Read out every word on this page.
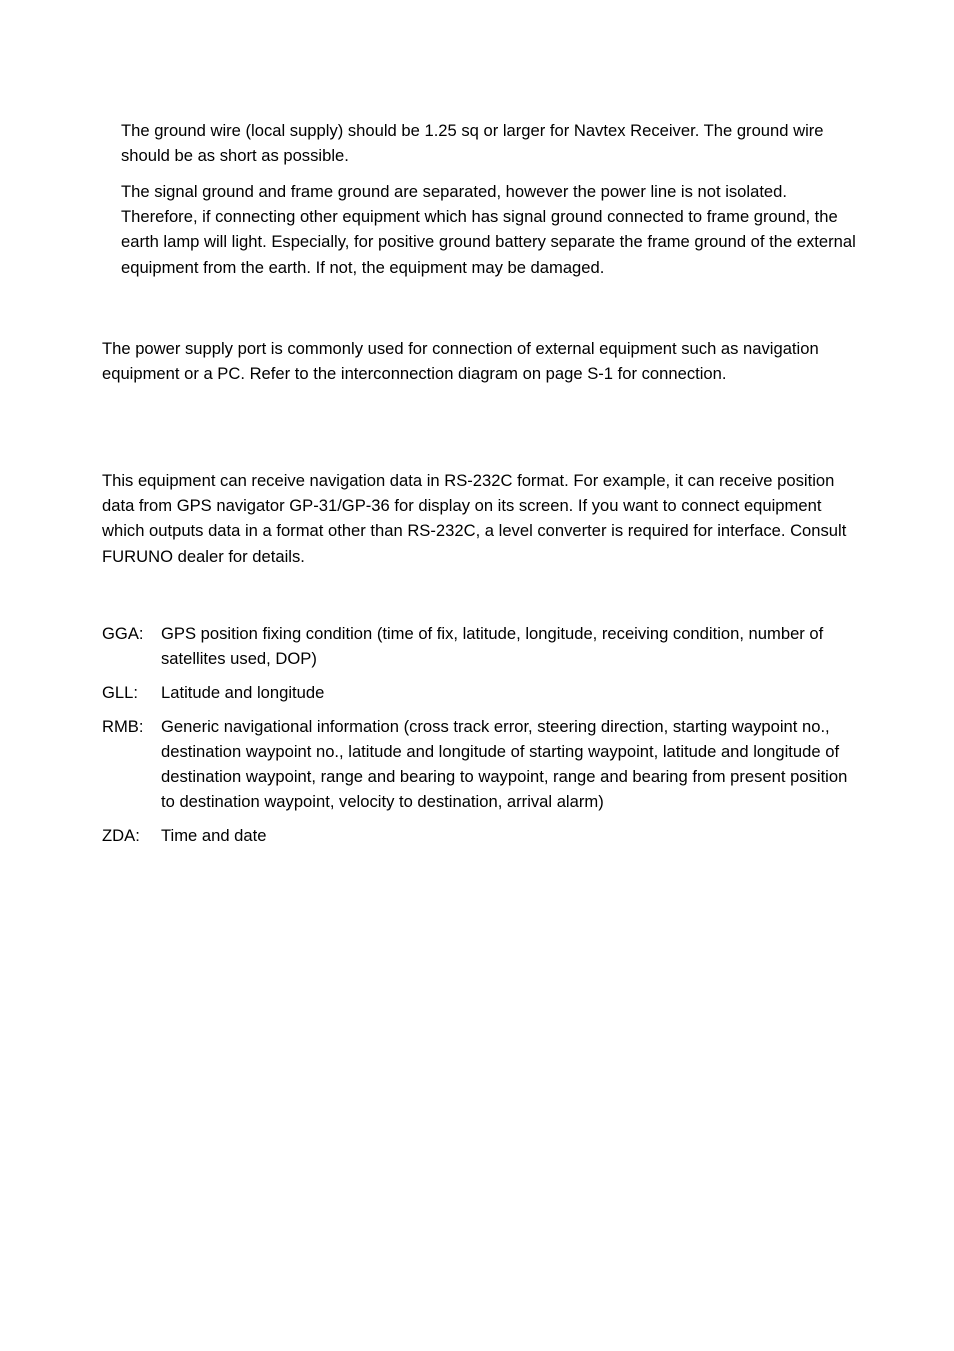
The ground wire (local supply) should be 1.25 sq or larger for Navtex Receiver. The ground wire should be as short as possible.

The signal ground and frame ground are separated, however the power line is not isolated. Therefore, if connecting other equipment which has signal ground connected to frame ground, the earth lamp will light. Especially, for positive ground battery separate the frame ground of the external equipment from the earth. If not, the equipment may be damaged.

The power supply port is commonly used for connection of external equipment such as navigation equipment or a PC. Refer to the interconnection diagram on page S-1 for connection.

This equipment can receive navigation data in RS-232C format. For example, it can receive position data from GPS navigator GP-31/GP-36 for display on its screen. If you want to connect equipment which outputs data in a format other than RS-232C, a level converter is required for interface. Consult FURUNO dealer for details.

GGA:	GPS position fixing condition (time of fix, latitude, longitude, receiving condition, number of satellites used, DOP)
GLL:	Latitude and longitude
RMB:	Generic navigational information (cross track error, steering direction, starting waypoint no., destination waypoint no., latitude and longitude of starting waypoint, latitude and longitude of destination waypoint, range and bearing to waypoint, range and bearing from present position to destination waypoint, velocity to destination, arrival alarm)
ZDA:	Time and date
